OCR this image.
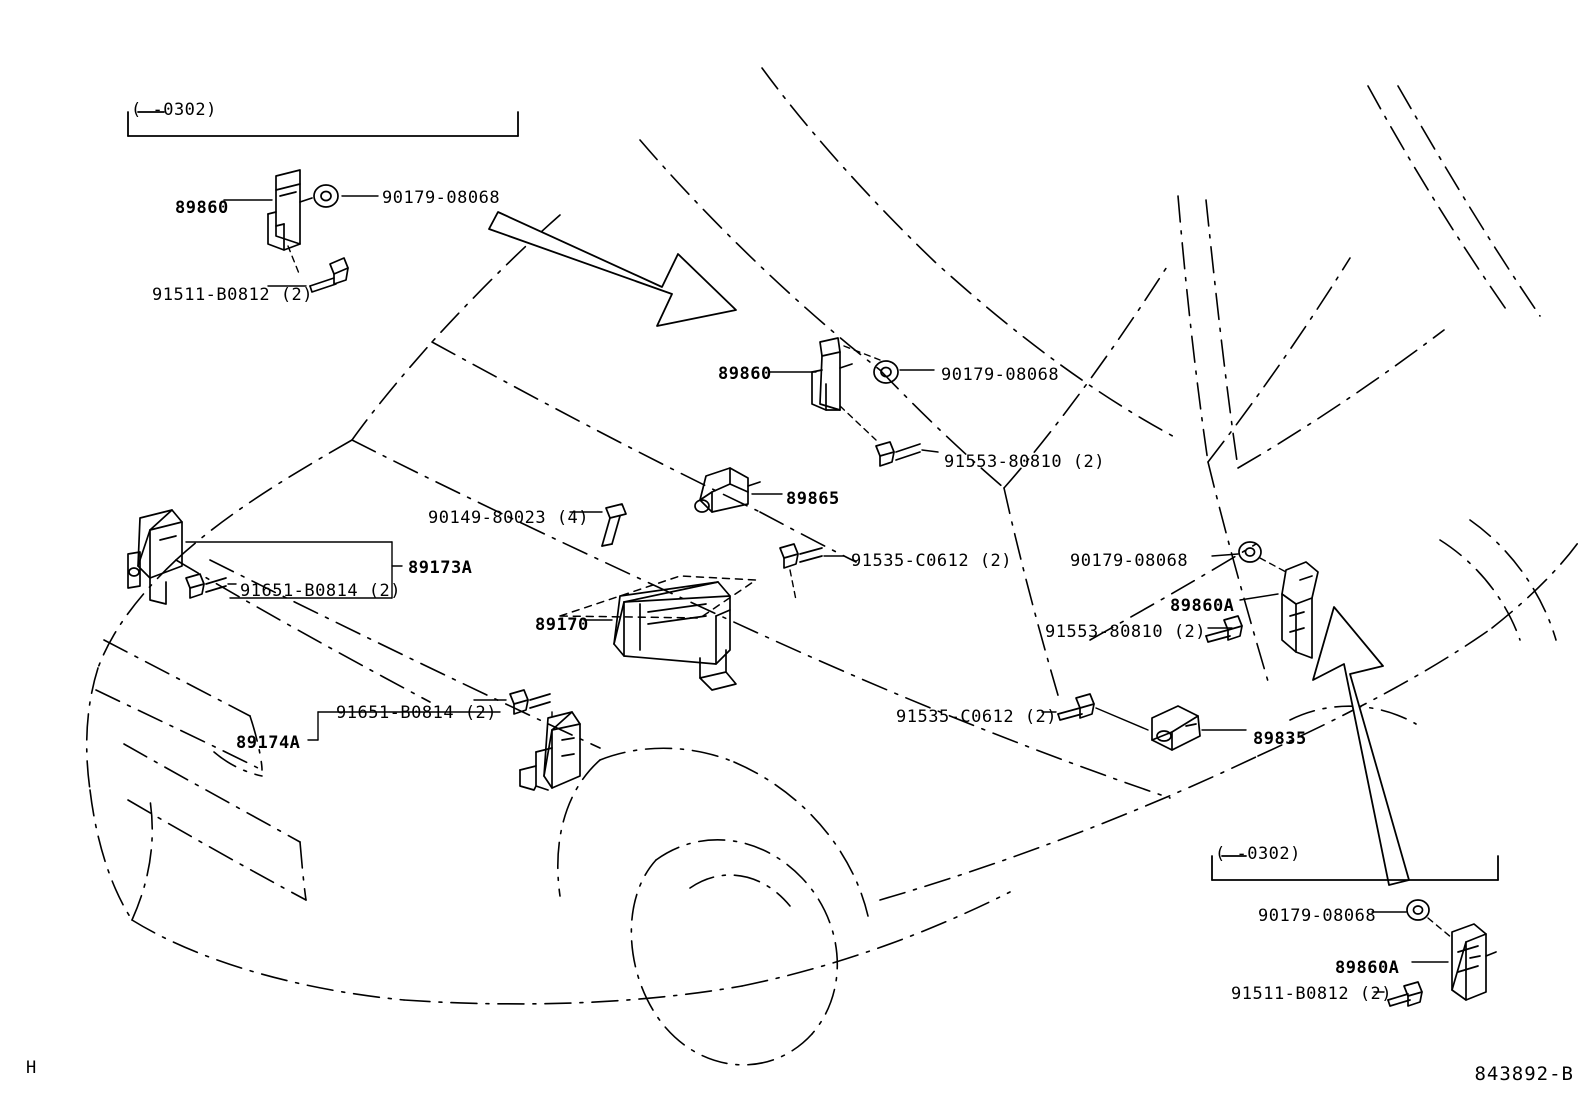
89860	90179-08068
91511-B0812 (2)
89860	90179-08068
91553-80810 (2)
89865
90149-80023 (4)
91535-C0612 (2)
89173A
91651-B0814 (2)
90179-08068
89860A
91553-80810 (2)
89170
91651-B0814 (2)	91535-C0612 (2)
89835
89174A
90179-08068
89860A
91511-B0812 (2)
( -0302)
( -0302)
H	843892-B
